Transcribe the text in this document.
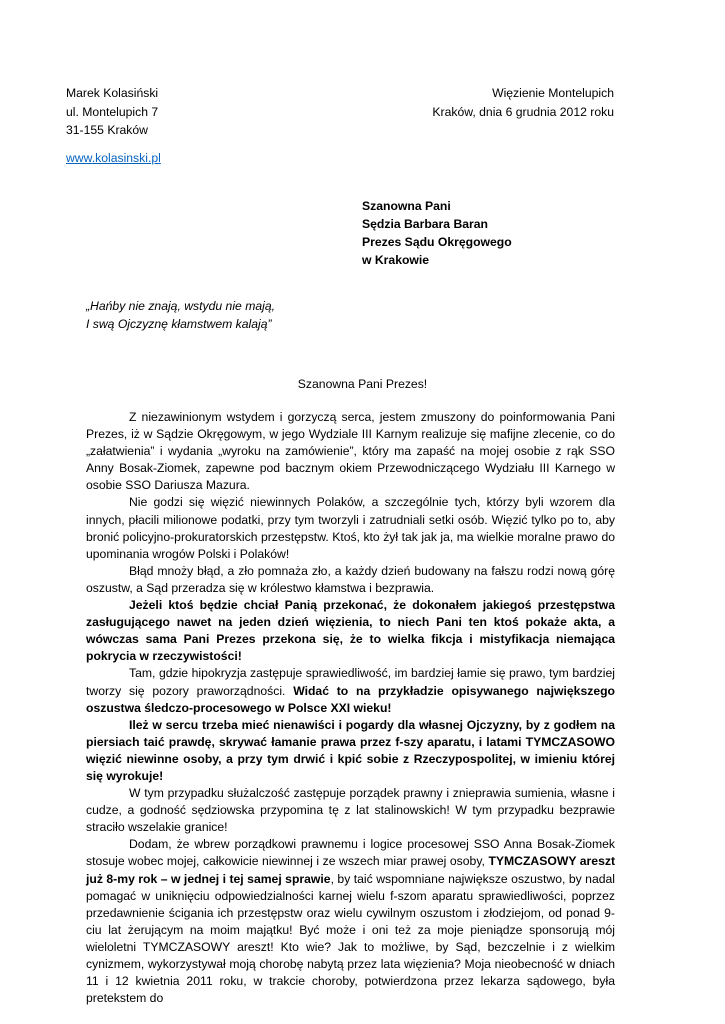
Marek Kolasiński
ul. Montelupich 7
31-155 Kraków
www.kolasinski.pl
Więzienie Montelupich
Kraków, dnia 6 grudnia 2012 roku
Szanowna Pani
Sędzia Barbara Baran
Prezes Sądu Okręgowego
w Krakowie
„Hańby nie znają, wstydu nie mają,
I swą Ojczyznę kłamstwem kalają”
Szanowna Pani Prezes!

Z niezawinionym wstydem i gorzyczą serca, jestem zmuszony do poinformowania Pani Prezes, iż w Sądzie Okręgowym, w jego Wydziale III Karnym realizuje się mafijne zlecenie, co do „załatwienia” i wydania „wyroku na zamówienie”, który ma zapaść na mojej osobie z rąk SSO Anny Bosak-Ziomek, zapewne pod bacznym okiem Przewodniczącego Wydziału III Karnego w osobie SSO Dariusza Mazura.

Nie godzi się więzić niewinnych Polaków, a szczególnie tych, którzy byli wzorem dla innych, płacili milionowe podatki, przy tym tworzyli i zatrudniali setki osób. Więzić tylko po to, aby bronić policyjno-prokuratorskich przestępstw. Ktoś, kto żył tak jak ja, ma wielkie moralne prawo do upominania wrogów Polski i Polaków!

Błąd mnoży błąd, a zło pomnaża zło, a każdy dzień budowany na fałszu rodzi nową górę oszustw, a Sąd przeradza się w królestwo kłamstwa i bezprawia.

Jeżeli ktoś będzie chciał Panią przekonać, że dokonałem jakiegoś przestępstwa zasługującego nawet na jeden dzień więzienia, to niech Pani ten ktoś pokaże akta, a wówczas sama Pani Prezes przekona się, że to wielka fikcja i mistyfikacja niemająca pokrycia w rzeczywistości!

Tam, gdzie hipokryzja zastępuje sprawiedliwość, im bardziej łamie się prawo, tym bardziej tworzy się pozory praworządności. Widać to na przykładzie opisywanego największego oszustwa śledczo-procesowego w Polsce XXI wieku!

Ileż w sercu trzeba mieć nienawiści i pogardy dla własnej Ojczyzny, by z godłem na piersiach taić prawdę, skrywać łamanie prawa przez f-szy aparatu, i latami TYMCZASOWO więzić niewinne osoby, a przy tym drwić i kpić sobie z Rzeczypospolitej, w imieniu której się wyrokuje!

W tym przypadku służalczość zastępuje porządek prawny i znieprawia sumienia, własne i cudze, a godność sędziowska przypomina tę z lat stalinowskich! W tym przypadku bezprawie straciło wszelakie granice!

Dodam, że wbrew porządkowi prawnemu i logice procesowej SSO Anna Bosak-Ziomek stosuje wobec mojej, całkowicie niewinnej i ze wszech miar prawej osoby, TYMCZASOWY areszt już 8-my rok – w jednej i tej samej sprawie, by taić wspomniane największe oszustwo, by nadal pomagać w uniknięciu odpowiedzialności karnej wielu f-szom aparatu sprawiedliwości, poprzez przedawnienie ścigania ich przestępstw oraz wielu cywilnym oszustom i złodziejom, od ponad 9-ciu lat żerującym na moim majątku! Być może i oni też za moje pieniądze sponsorują mój wieloletni TYMCZASOWY areszt! Kto wie? Jak to możliwe, by Sąd, bezczelnie i z wielkim cynizmem, wykorzystywał moją chorobę nabytą przez lata więzienia? Moja nieobecność w dniach 11 i 12 kwietnia 2011 roku, w trakcie choroby, potwierdzona przez lekarza sądowego, była pretekstem do
